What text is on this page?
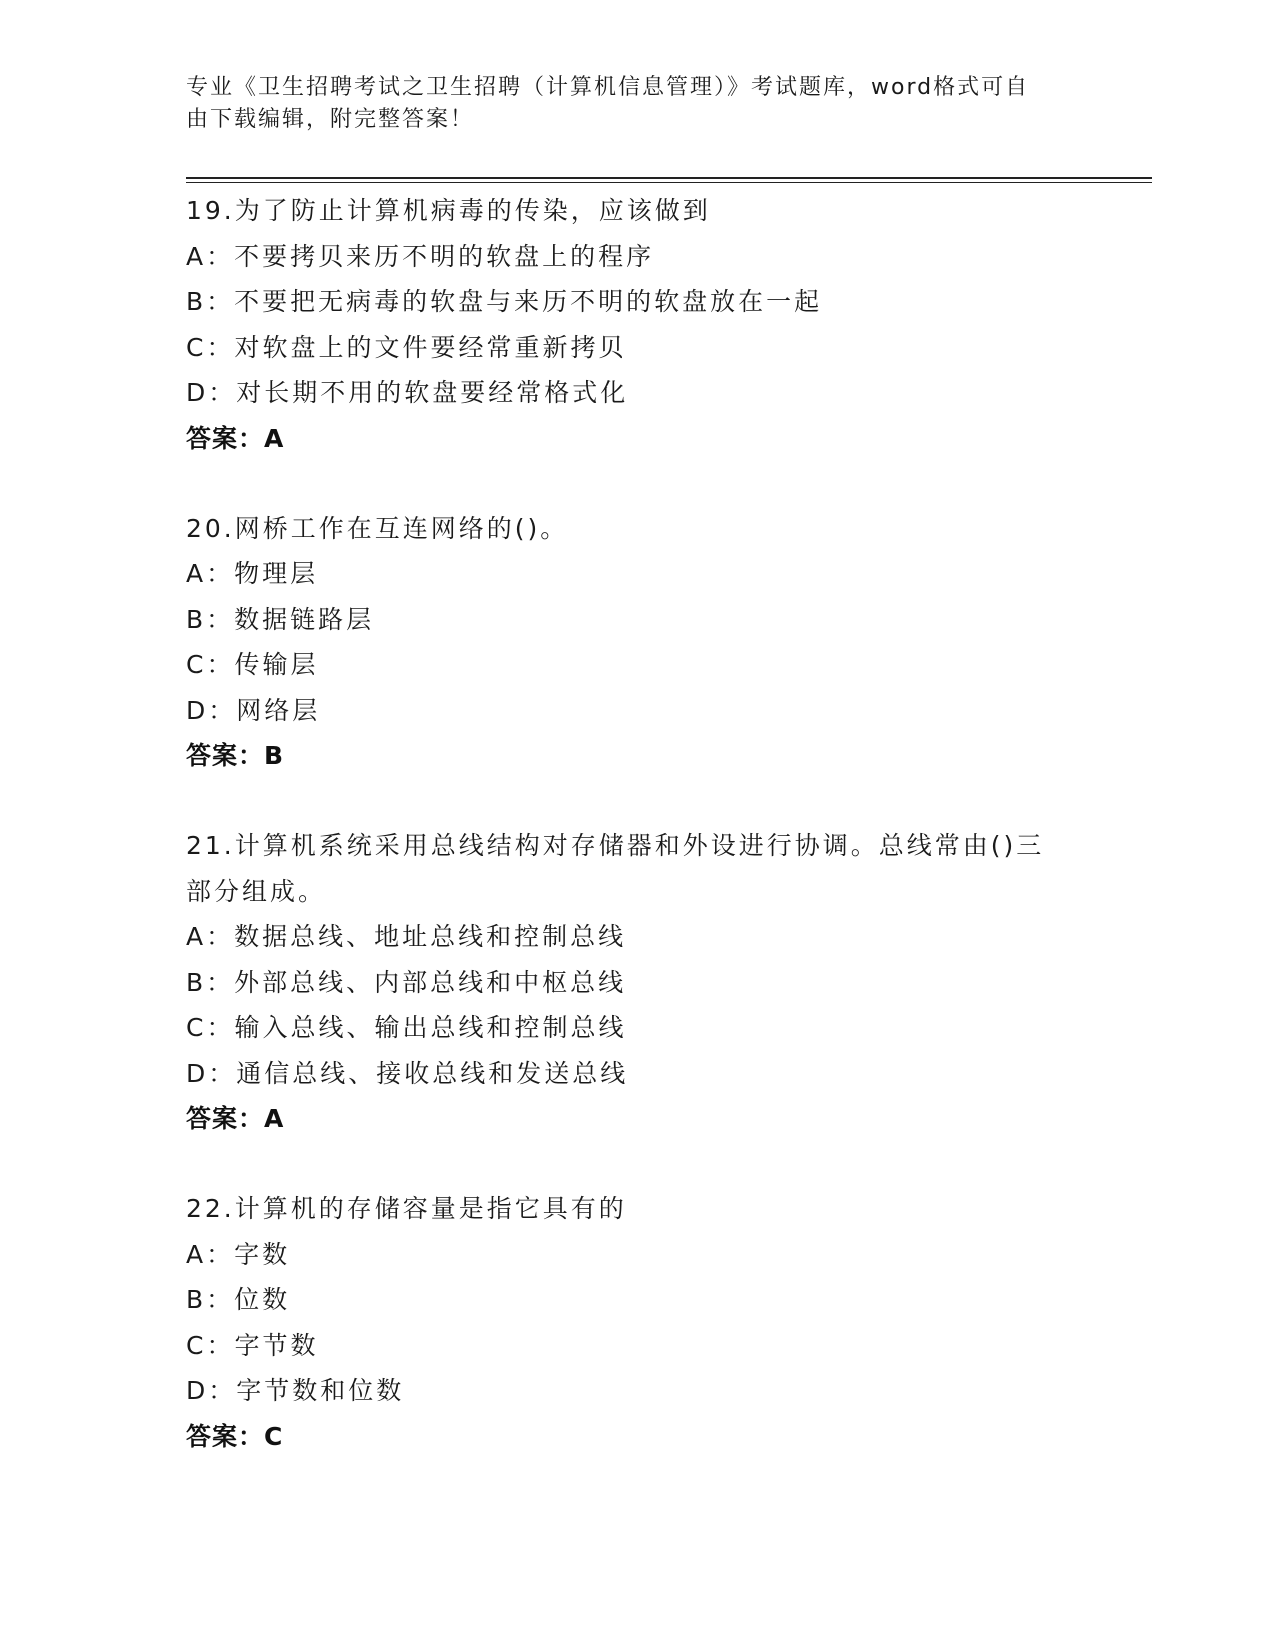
专业《卫生招聘考试之卫生招聘（计算机信息管理）》考试题库，word格式可自
由下载编辑，附完整答案！

19.为了防止计算机病毒的传染，应该做到

A：不要拷贝来历不明的软盘上的程序

B：不要把无病毒的软盘与来历不明的软盘放在一起

C：对软盘上的文件要经常重新拷贝

D：对长期不用的软盘要经常格式化

答案：A

20.网桥工作在互连网络的()。

A：物理层

B：数据链路层

C：传输层

D：网络层

答案：B

21.计算机系统采用总线结构对存储器和外设进行协调。总线常由()三部分组成。

A：数据总线、地址总线和控制总线

B：外部总线、内部总线和中枢总线

C：输入总线、输出总线和控制总线

D：通信总线、接收总线和发送总线

答案：A

22.计算机的存储容量是指它具有的

A：字数

B：位数

C：字节数

D：字节数和位数

答案：C
